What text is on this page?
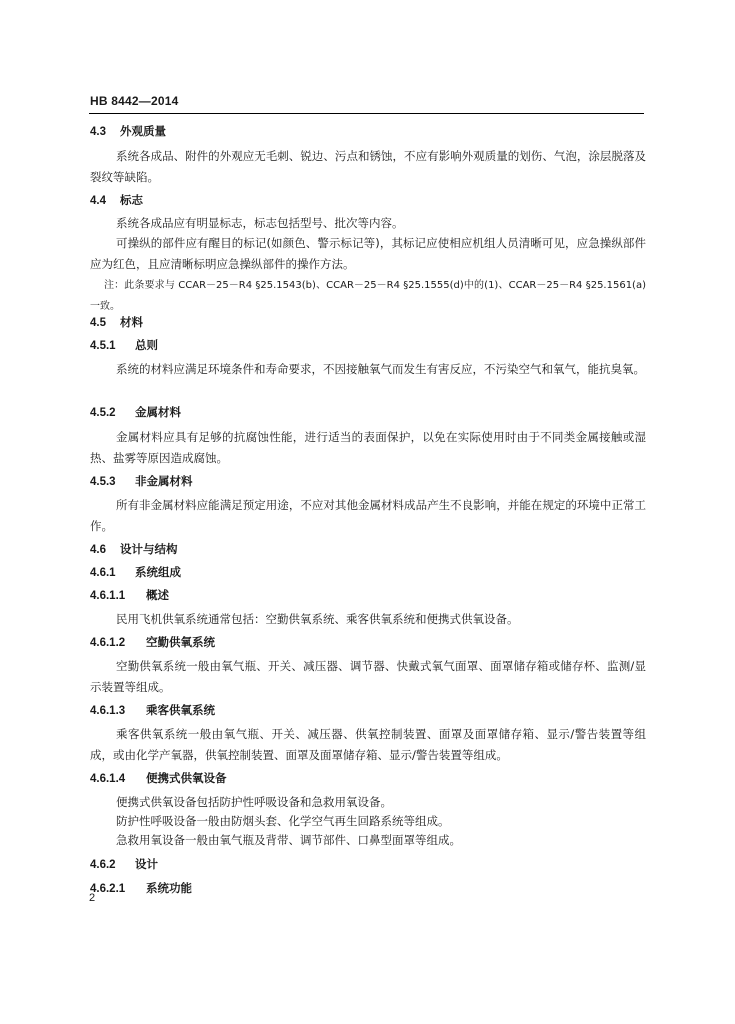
HB 8442—2014
4.3 外观质量
系统各成品、附件的外观应无毛刺、锐边、污点和锈蚀，不应有影响外观质量的划伤、气泡，涂层脱落及裂纹等缺陷。
4.4 标志
系统各成品应有明显标志，标志包括型号、批次等内容。
可操纵的部件应有醒目的标记(如颜色、警示标记等)，其标记应使相应机组人员清晰可见，应急操纵部件应为红色，且应清晰标明应急操纵部件的操作方法。
注：此条要求与 CCAR－25－R4 §25.1543(b)、CCAR－25－R4 §25.1555(d)中的(1)、CCAR－25－R4 §25.1561(a)一致。
4.5 材料
4.5.1 总则
系统的材料应满足环境条件和寿命要求，不因接触氧气而发生有害反应，不污染空气和氧气，能抗臭氧。
4.5.2 金属材料
金属材料应具有足够的抗腐蚀性能，进行适当的表面保护，以免在实际使用时由于不同类金属接触或湿热、盐雾等原因造成腐蚀。
4.5.3 非金属材料
所有非金属材料应能满足预定用途，不应对其他金属材料成品产生不良影响，并能在规定的环境中正常工作。
4.6 设计与结构
4.6.1 系统组成
4.6.1.1 概述
民用飞机供氧系统通常包括：空勤供氧系统、乘客供氧系统和便携式供氧设备。
4.6.1.2 空勤供氧系统
空勤供氧系统一般由氧气瓶、开关、减压器、调节器、快戴式氧气面罩、面罩储存箱或储存杯、监测/显示装置等组成。
4.6.1.3 乘客供氧系统
乘客供氧系统一般由氧气瓶、开关、减压器、供氧控制装置、面罩及面罩储存箱、显示/警告装置等组成，或由化学产氧器，供氧控制装置、面罩及面罩储存箱、显示/警告装置等组成。
4.6.1.4 便携式供氧设备
便携式供氧设备包括防护性呼吸设备和急救用氧设备。
防护性呼吸设备一般由防烟头套、化学空气再生回路系统等组成。
急救用氧设备一般由氧气瓶及背带、调节部件、口鼻型面罩等组成。
4.6.2 设计
4.6.2.1 系统功能
2
